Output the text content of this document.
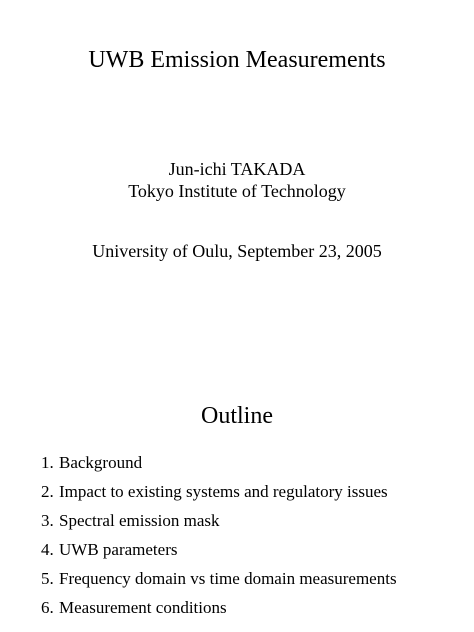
UWB Emission Measurements
Jun-ichi TAKADA
Tokyo Institute of Technology
University of Oulu, September 23, 2005
Outline
1. Background
2. Impact to existing systems and regulatory issues
3. Spectral emission mask
4. UWB parameters
5. Frequency domain vs time domain measurements
6. Measurement conditions
